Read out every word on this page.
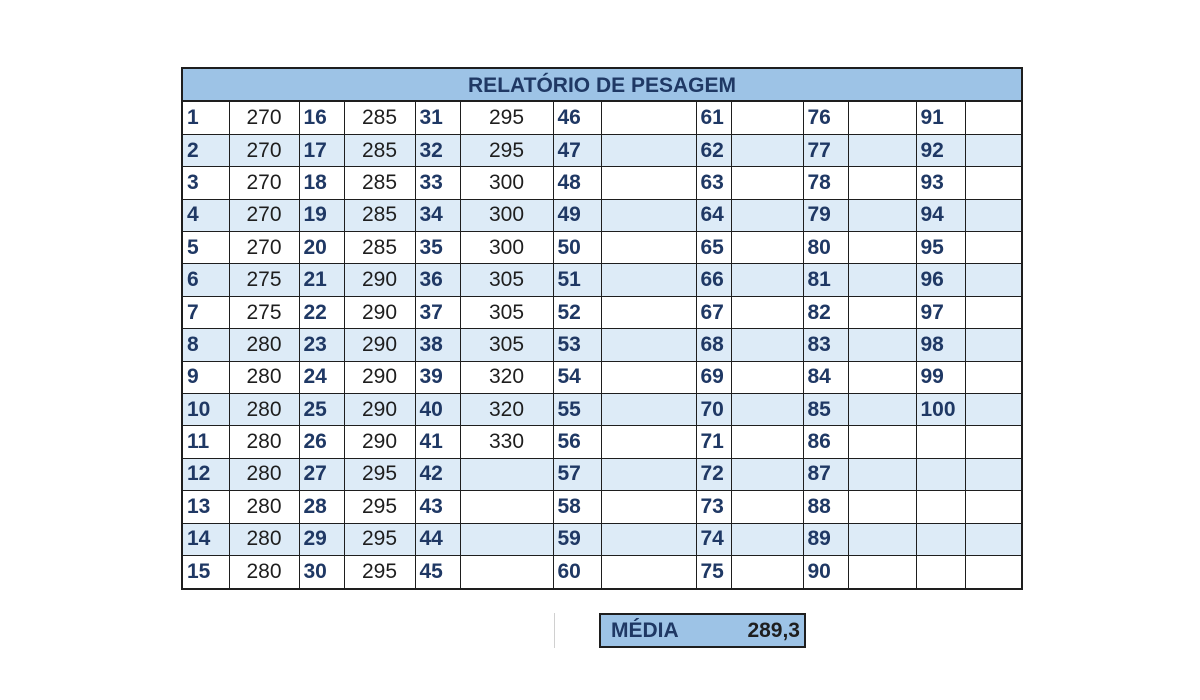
RELATÓRIO DE PESAGEM
1	270	16	285	31	295	46		61		76		91	
2	270	17	285	32	295	47		62		77		92	
3	270	18	285	33	300	48		63		78		93	
4	270	19	285	34	300	49		64		79		94	
5	270	20	285	35	300	50		65		80		95	
6	275	21	290	36	305	51		66		81		96	
7	275	22	290	37	305	52		67		82		97	
8	280	23	290	38	305	53		68		83		98	
9	280	24	290	39	320	54		69		84		99	
10	280	25	290	40	320	55		70		85		100	
11	280	26	290	41	330	56		71		86			
12	280	27	295	42		57		72		87			
13	280	28	295	43		58		73		88			
14	280	29	295	44		59		74		89			
15	280	30	295	45		60		75		90			
MÉDIA	289,3
